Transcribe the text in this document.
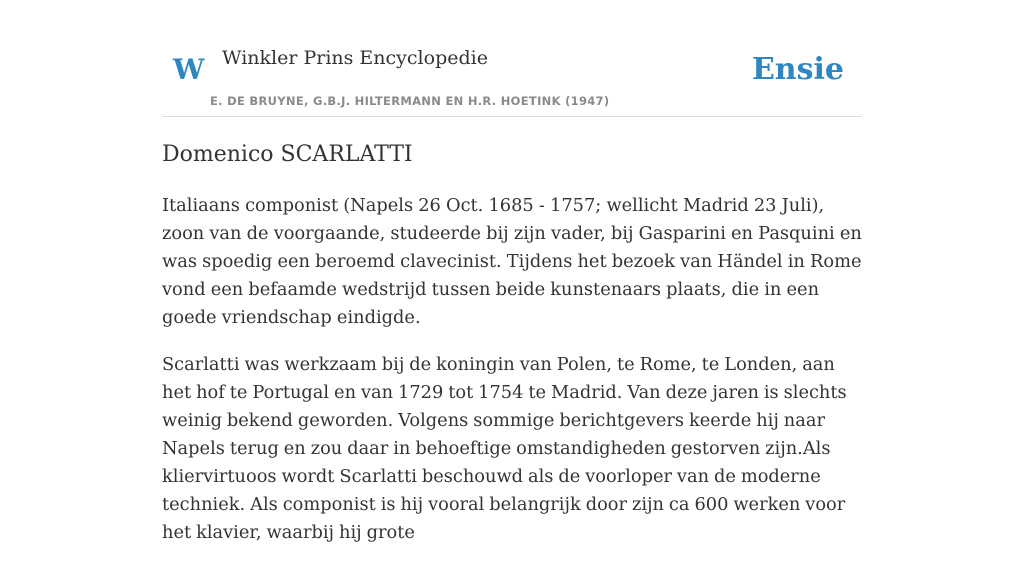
W Winkler Prins Encyclopedie
E. DE BRUYNE, G.B.J. HILTERMANN EN H.R. HOETINK (1947)
Ensie
Domenico SCARLATTI

Italiaans componist (Napels 26 Oct. 1685 - 1757; wellicht Madrid 23 Juli), zoon van de voorgaande, studeerde bij zijn vader, bij Gasparini en Pasquini en was spoedig een beroemd clavecinist. Tijdens het bezoek van Händel in Rome vond een befaamde wedstrijd tussen beide kunstenaars plaats, die in een goede vriendschap eindigde.

Scarlatti was werkzaam bij de koningin van Polen, te Rome, te Londen, aan het hof te Portugal en van 1729 tot 1754 te Madrid. Van deze jaren is slechts weinig bekend geworden. Volgens sommige berichtgevers keerde hij naar Napels terug en zou daar in behoeftige omstandigheden gestorven zijn.Als kliervirtuoos wordt Scarlatti beschouwd als de voorloper van de moderne techniek. Als componist is hij vooral belangrijk door zijn ca 600 werken voor het klavier, waarbij hij grote
